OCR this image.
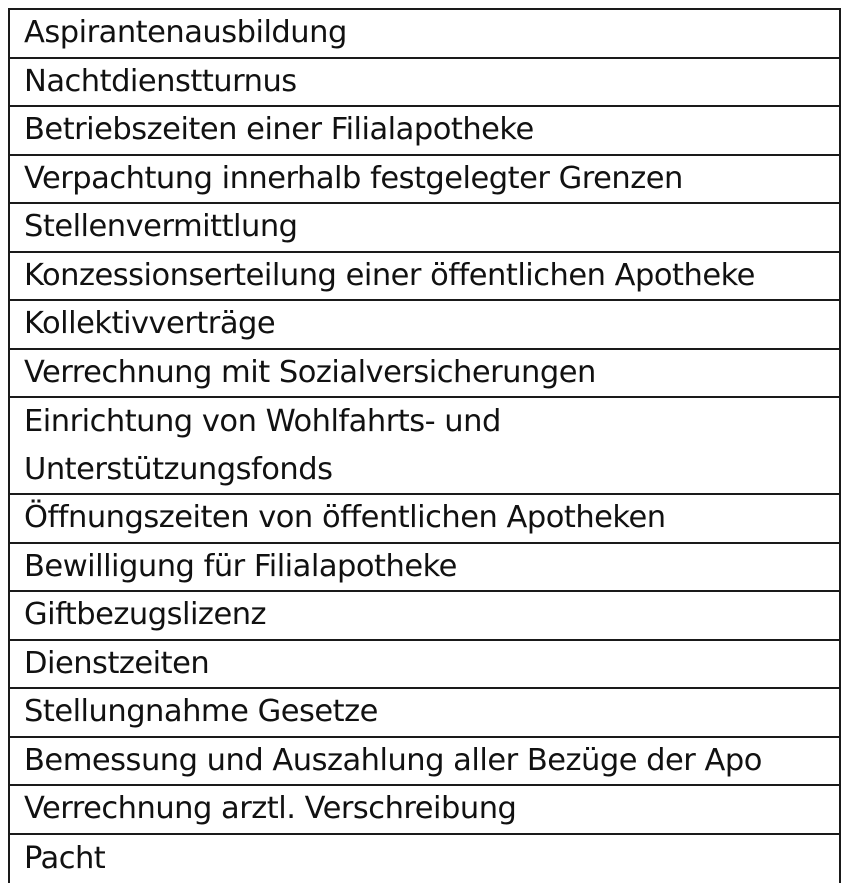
Aspirantenausbildung
Nachtdienstturnus
Betriebszeiten einer Filialapotheke
Verpachtung innerhalb festgelegter Grenzen
Stellenvermittlung
Konzessionserteilung einer öffentlichen Apotheke
Kollektivverträge
Verrechnung mit Sozialversicherungen
Einrichtung von Wohlfahrts- und
Unterstützungsfonds
Öffnungszeiten von öffentlichen Apotheken
Bewilligung für Filialapotheke
Giftbezugslizenz
Dienstzeiten
Stellungnahme Gesetze
Bemessung und Auszahlung aller Bezüge der Apo
Verrechnung arztl. Verschreibung
Pacht
